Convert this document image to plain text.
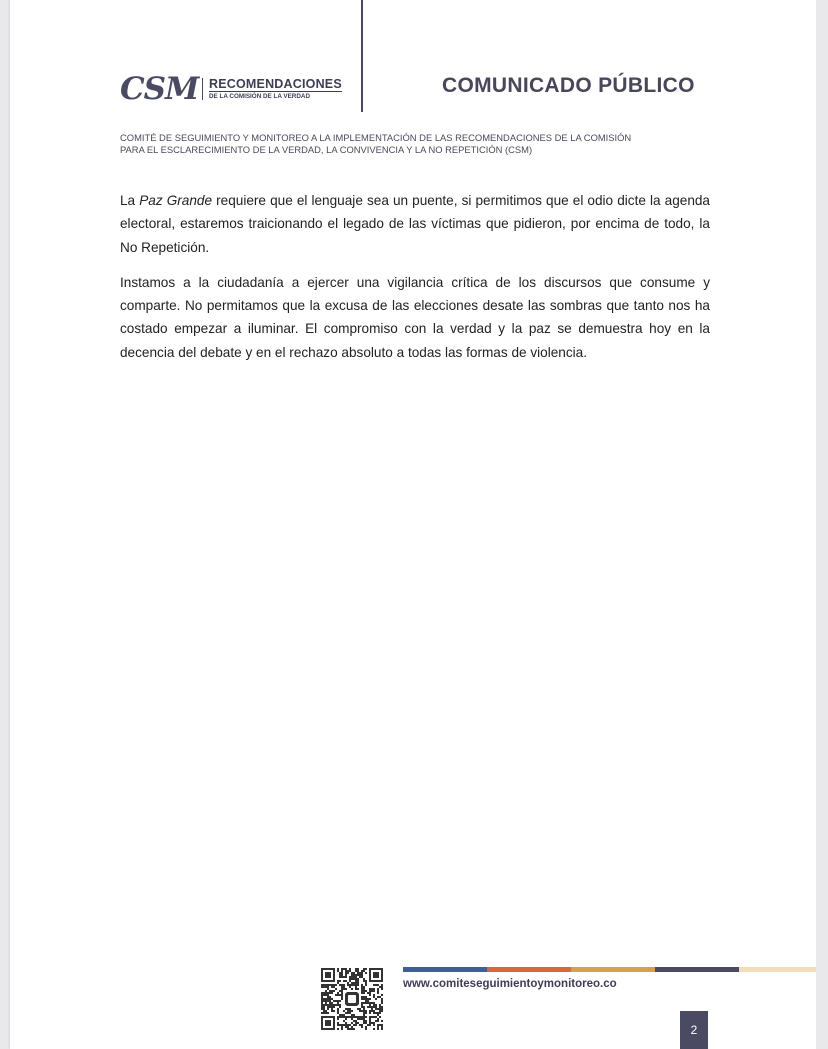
CSM RECOMENDACIONES
DE LA COMISIÓN DE LA VERDAD	COMUNICADO PÚBLICO
COMITÉ DE SEGUIMIENTO Y MONITOREO A LA IMPLEMENTACIÓN DE LAS RECOMENDACIONES DE LA COMISIÓN
PARA EL ESCLARECIMIENTO DE LA VERDAD, LA CONVIVENCIA Y LA NO REPETICIÓN (CSM)

La Paz Grande requiere que el lenguaje sea un puente, si permitimos que el odio dicte la agenda electoral, estaremos traicionando el legado de las víctimas que pidieron, por encima de todo, la No Repetición.

Instamos a la ciudadanía a ejercer una vigilancia crítica de los discursos que consume y comparte. No permitamos que la excusa de las elecciones desate las sombras que tanto nos ha costado empezar a iluminar. El compromiso con la verdad y la paz se demuestra hoy en la decencia del debate y en el rechazo absoluto a todas las formas de violencia.

www.comiteseguimientoymonitoreo.co
2
